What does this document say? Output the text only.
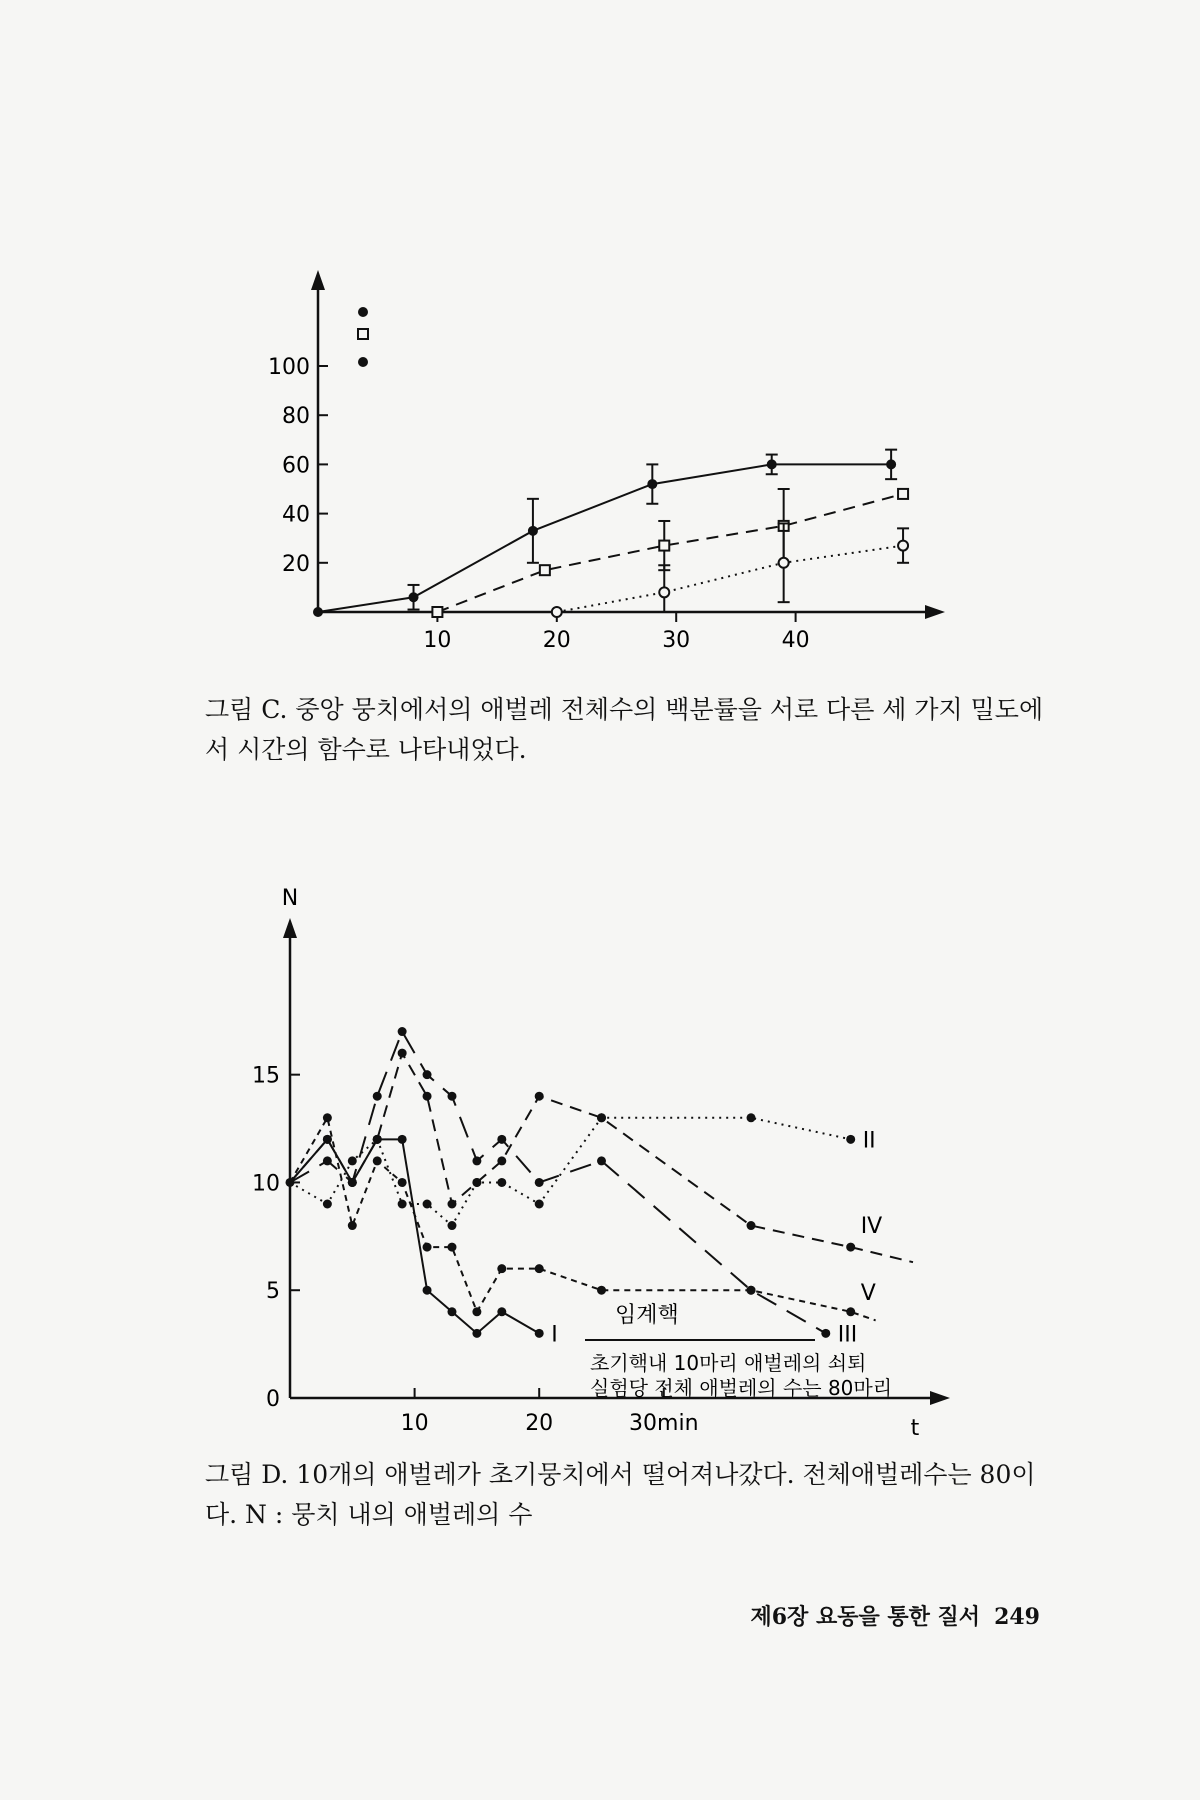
10	20	30	40
20
40
60
80
100
그림 C. 중앙 뭉치에서의 애벌레 전체수의 백분률을 서로 다른 세 가지 밀도에서 시간의 함수로 나타내었다.
N
t
10	20	30min
0
5
10
15
I
II
III
IV
V
임계핵
초기핵내 10마리 애벌레의 쇠퇴
실험당 전체 애벌레의 수는 80마리
그림 D. 10개의 애벌레가 초기뭉치에서 떨어져나갔다. 전체애벌레수는 80이다. N : 뭉치 내의 애벌레의 수
제6장 요동을 통한 질서 249
